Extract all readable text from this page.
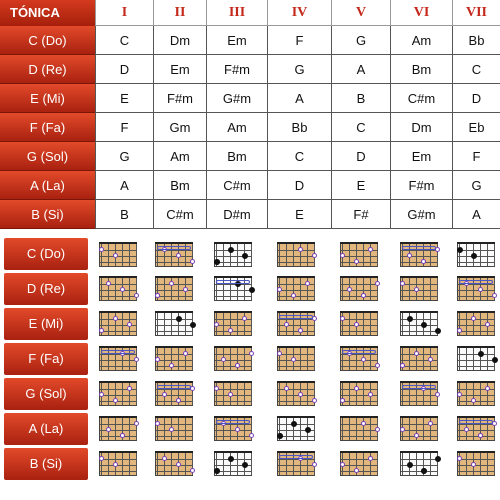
TÓNICA	I	II	III	IV	V	VI	VII
C (Do)	C	Dm	Em	F	G	Am	Bb
D (Re)	D	Em	F#m	G	A	Bm	C
E (Mi)	E	F#m	G#m	A	B	C#m	D
F (Fa)	F	Gm	Am	Bb	C	Dm	Eb
G (Sol)	G	Am	Bm	C	D	Em	F
A (La)	A	Bm	C#m	D	E	F#m	G
B (Si)	B	C#m	D#m	E	F#	G#m	A
C (Do)
D (Re)
E (Mi)
F (Fa)
G (Sol)
A (La)
B (Si)
